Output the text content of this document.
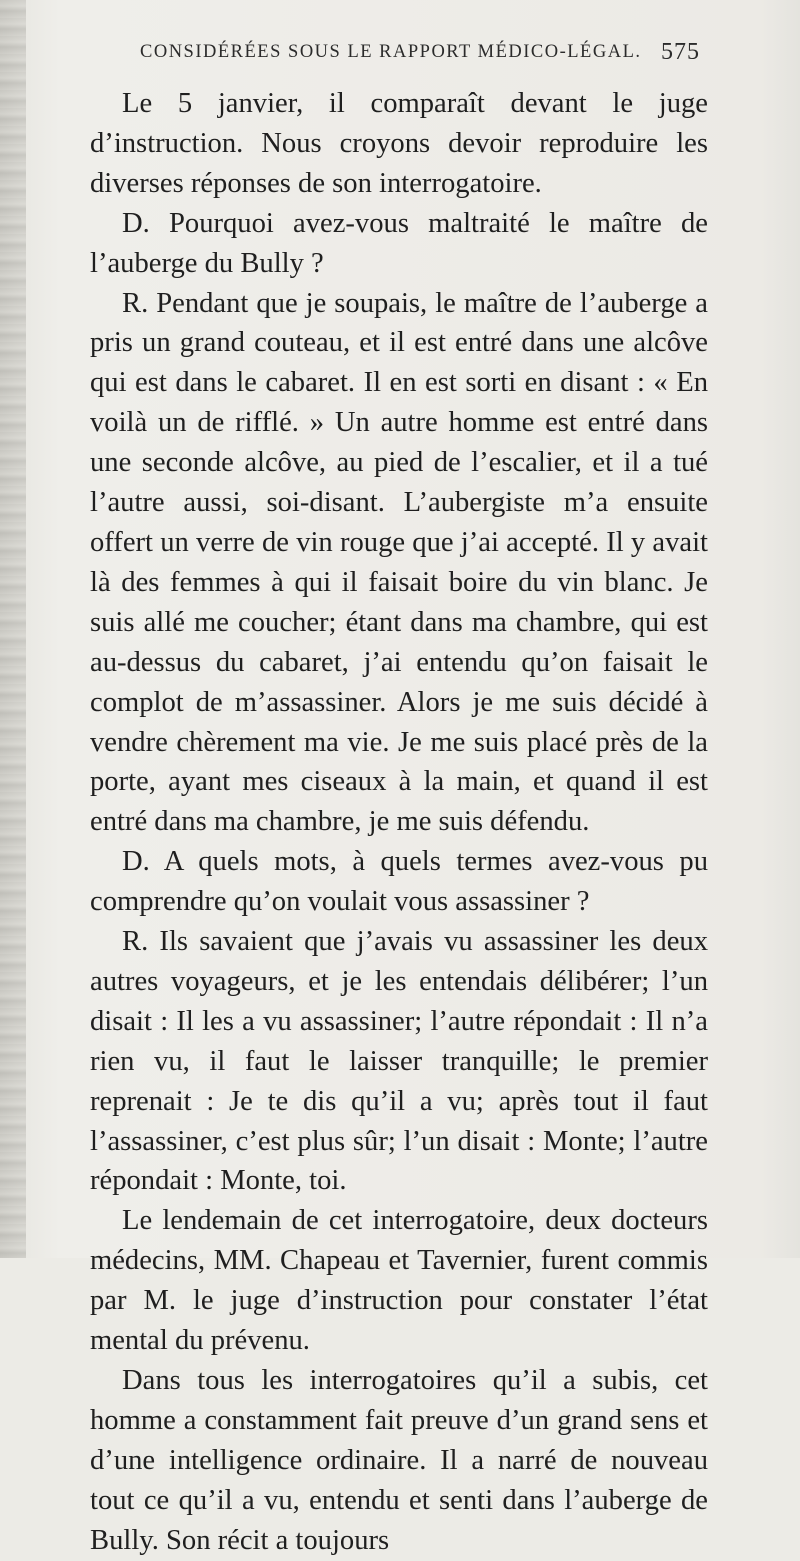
CONSIDÉRÉES SOUS LE RAPPORT MÉDICO-LÉGAL. 575

Le 5 janvier, il comparaît devant le juge d’instruction. Nous croyons devoir reproduire les diverses réponses de son interrogatoire.

D. Pourquoi avez-vous maltraité le maître de l’auberge du Bully ?

R. Pendant que je soupais, le maître de l’auberge a pris un grand couteau, et il est entré dans une alcôve qui est dans le cabaret. Il en est sorti en disant : « En voilà un de rifflé. » Un autre homme est entré dans une seconde alcôve, au pied de l’escalier, et il a tué l’autre aussi, soi-disant. L’aubergiste m’a ensuite offert un verre de vin rouge que j’ai accepté. Il y avait là des femmes à qui il faisait boire du vin blanc. Je suis allé me coucher; étant dans ma chambre, qui est au-dessus du cabaret, j’ai entendu qu’on faisait le complot de m’assassiner. Alors je me suis décidé à vendre chèrement ma vie. Je me suis placé près de la porte, ayant mes ciseaux à la main, et quand il est entré dans ma chambre, je me suis défendu.

D. A quels mots, à quels termes avez-vous pu comprendre qu’on voulait vous assassiner ?

R. Ils savaient que j’avais vu assassiner les deux autres voyageurs, et je les entendais délibérer; l’un disait : Il les a vu assassiner; l’autre répondait : Il n’a rien vu, il faut le laisser tranquille; le premier reprenait : Je te dis qu’il a vu; après tout il faut l’assassiner, c’est plus sûr; l’un disait : Monte; l’autre répondait : Monte, toi.

Le lendemain de cet interrogatoire, deux docteurs médecins, MM. Chapeau et Tavernier, furent commis par M. le juge d’instruction pour constater l’état mental du prévenu.

Dans tous les interrogatoires qu’il a subis, cet homme a constamment fait preuve d’un grand sens et d’une intelligence ordinaire. Il a narré de nouveau tout ce qu’il a vu, entendu et senti dans l’auberge de Bully. Son récit a toujours
